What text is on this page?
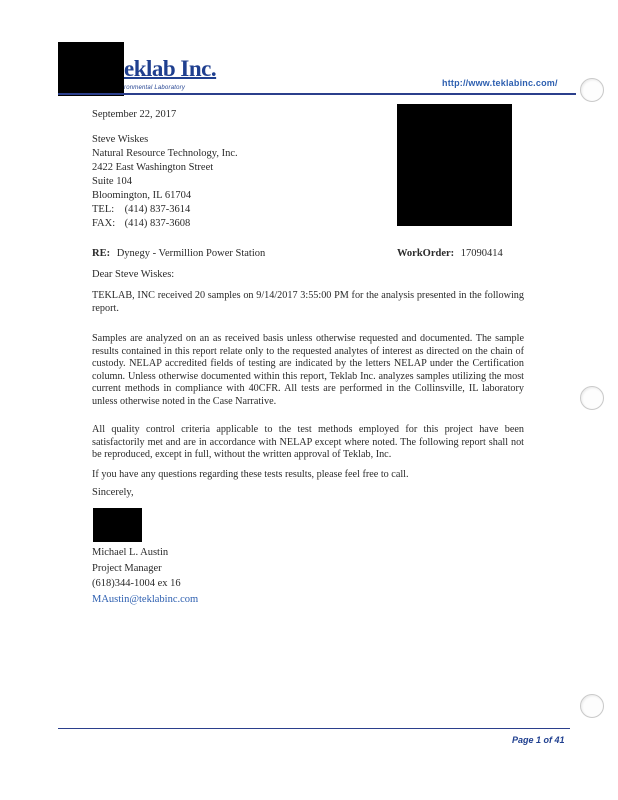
eklab Inc.
ronmental Laboratory	http://www.teklabinc.com/
September 22, 2017
Steve Wiskes
Natural Resource Technology, Inc.
2422 East Washington Street
Suite 104
Bloomington, IL 61704
TEL: (414) 837-3614
FAX: (414) 837-3608
RE: Dynegy - Vermillion Power Station	WorkOrder: 17090414
Dear Steve Wiskes:
TEKLAB, INC received 20 samples on 9/14/2017 3:55:00 PM for the analysis presented in the following report.
Samples are analyzed on an as received basis unless otherwise requested and documented. The sample results contained in this report relate only to the requested analytes of interest as directed on the chain of custody. NELAP accredited fields of testing are indicated by the letters NELAP under the Certification column. Unless otherwise documented within this report, Teklab Inc. analyzes samples utilizing the most current methods in compliance with 40CFR. All tests are performed in the Collinsville, IL laboratory unless otherwise noted in the Case Narrative.
All quality control criteria applicable to the test methods employed for this project have been satisfactorily met and are in accordance with NELAP except where noted. The following report shall not be reproduced, except in full, without the written approval of Teklab, Inc.
If you have any questions regarding these tests results, please feel free to call.
Sincerely,
Michael L. Austin
Project Manager
(618)344-1004 ex 16
MAustin@teklabinc.com
Page 1 of 41
